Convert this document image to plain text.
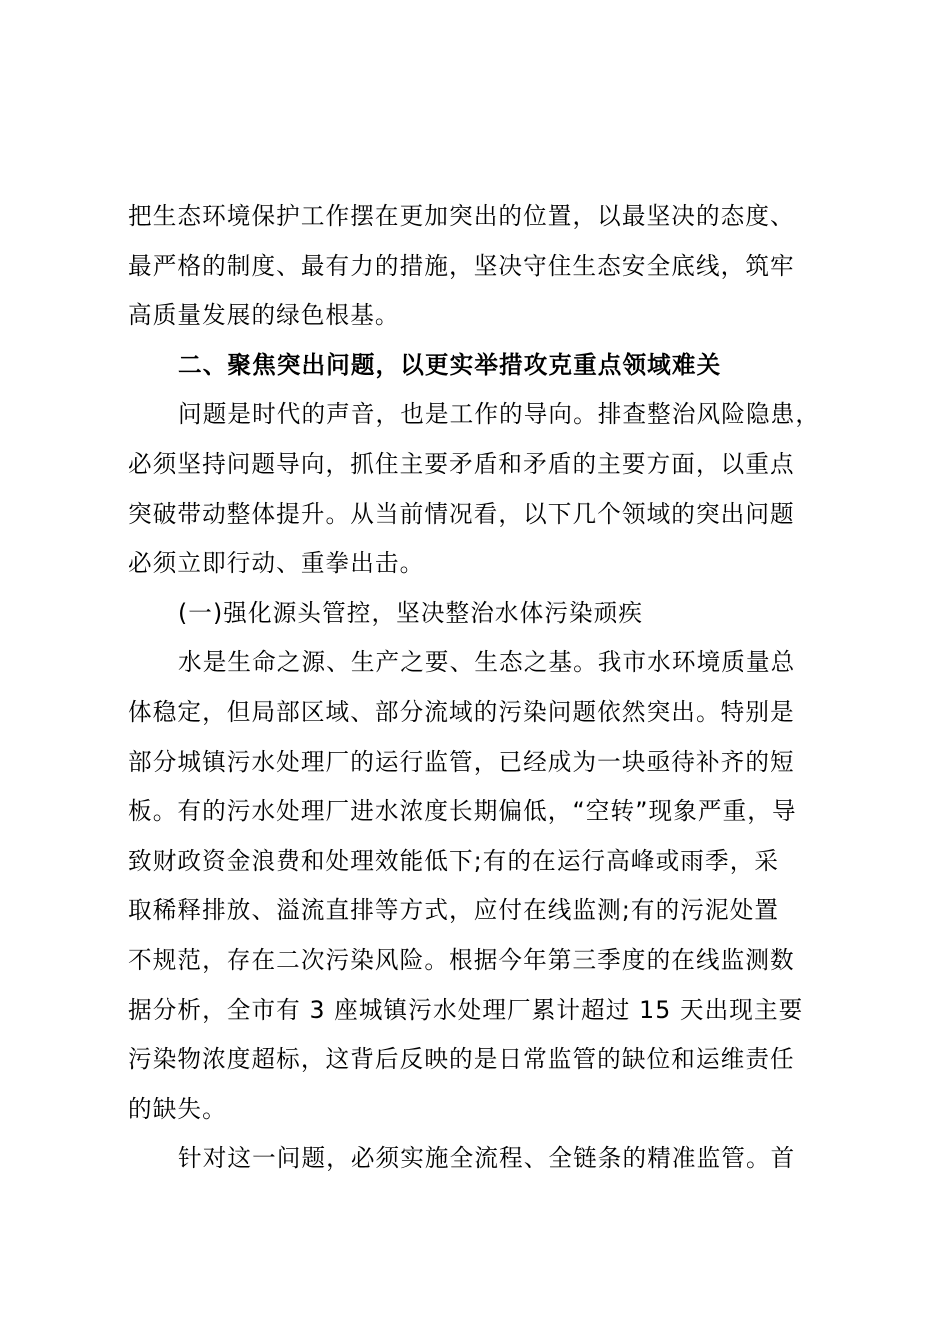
把生态环境保护工作摆在更加突出的位置，以最坚决的态度、
最严格的制度、最有力的措施，坚决守住生态安全底线，筑牢
高质量发展的绿色根基。
二、聚焦突出问题，以更实举措攻克重点领域难关
问题是时代的声音，也是工作的导向。排查整治风险隐患，
必须坚持问题导向，抓住主要矛盾和矛盾的主要方面，以重点
突破带动整体提升。从当前情况看，以下几个领域的突出问题
必须立即行动、重拳出击。
(一)强化源头管控，坚决整治水体污染顽疾
水是生命之源、生产之要、生态之基。我市水环境质量总
体稳定，但局部区域、部分流域的污染问题依然突出。特别是
部分城镇污水处理厂的运行监管，已经成为一块亟待补齐的短
板。有的污水处理厂进水浓度长期偏低，“空转”现象严重，导
致财政资金浪费和处理效能低下;有的在运行高峰或雨季，采
取稀释排放、溢流直排等方式，应付在线监测;有的污泥处置
不规范，存在二次污染风险。根据今年第三季度的在线监测数
据分析，全市有 3 座城镇污水处理厂累计超过 15 天出现主要
污染物浓度超标，这背后反映的是日常监管的缺位和运维责任
的缺失。
针对这一问题，必须实施全流程、全链条的精准监管。首
